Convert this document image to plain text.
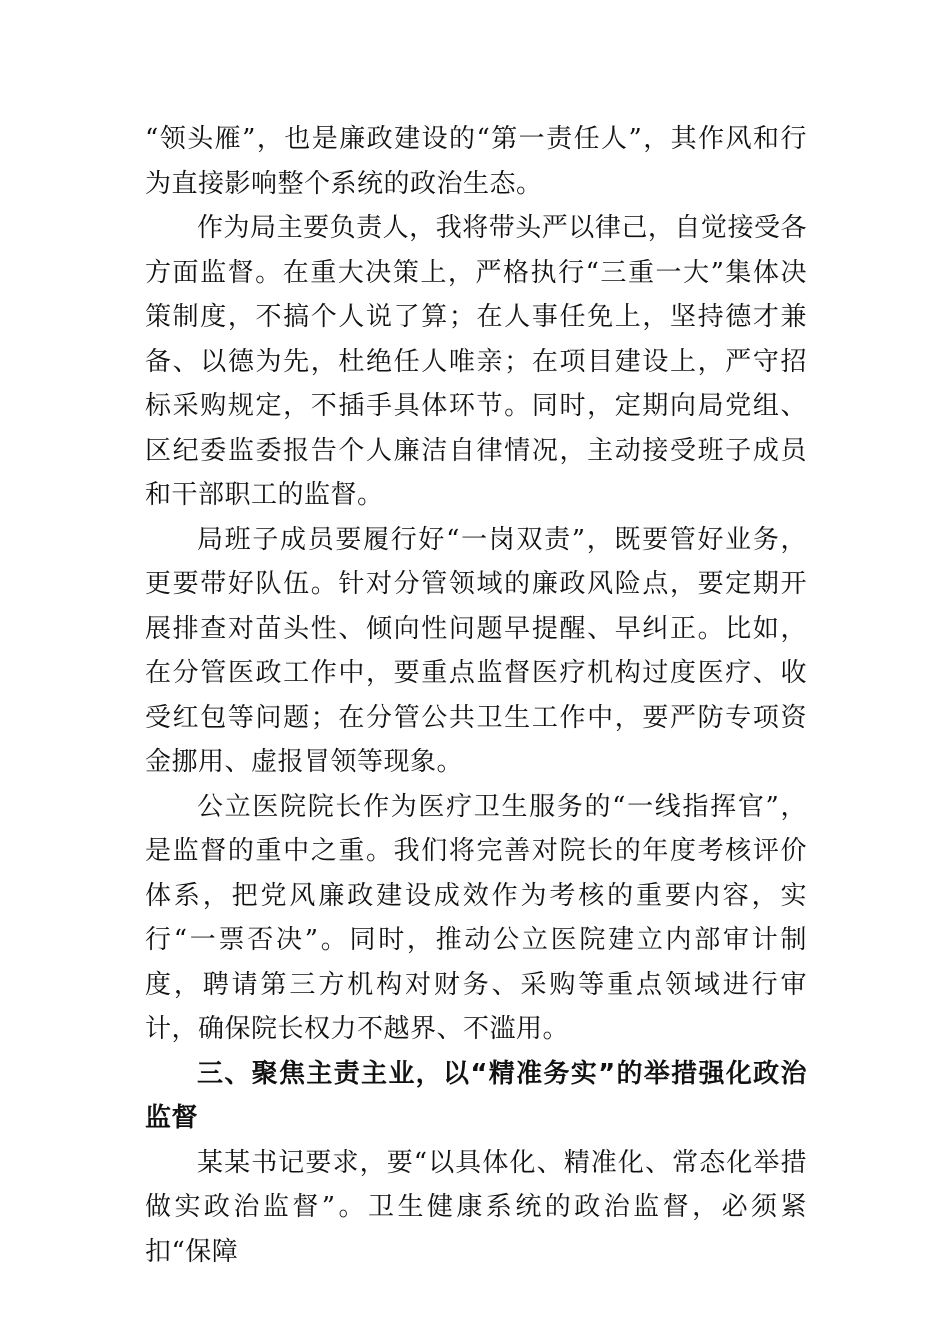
“领头雁”，也是廉政建设的“第一责任人”，其作风和行为直接影响整个系统的政治生态。

作为局主要负责人，我将带头严以律己，自觉接受各方面监督。在重大决策上，严格执行“三重一大”集体决策制度，不搞个人说了算；在人事任免上，坚持德才兼备、以德为先，杜绝任人唯亲；在项目建设上，严守招标采购规定，不插手具体环节。同时，定期向局党组、区纪委监委报告个人廉洁自律情况，主动接受班子成员和干部职工的监督。

局班子成员要履行好“一岗双责”，既要管好业务，更要带好队伍。针对分管领域的廉政风险点，要定期开展排查对苗头性、倾向性问题早提醒、早纠正。比如，在分管医政工作中，要重点监督医疗机构过度医疗、收受红包等问题；在分管公共卫生工作中，要严防专项资金挪用、虚报冒领等现象。

公立医院院长作为医疗卫生服务的“一线指挥官”，是监督的重中之重。我们将完善对院长的年度考核评价体系，把党风廉政建设成效作为考核的重要内容，实行“一票否决”。同时，推动公立医院建立内部审计制度，聘请第三方机构对财务、采购等重点领域进行审计，确保院长权力不越界、不滥用。

三、聚焦主责主业，以“精准务实”的举措强化政治监督

某某书记要求，要“以具体化、精准化、常态化举措做实政治监督”。卫生健康系统的政治监督，必须紧扣“保障
